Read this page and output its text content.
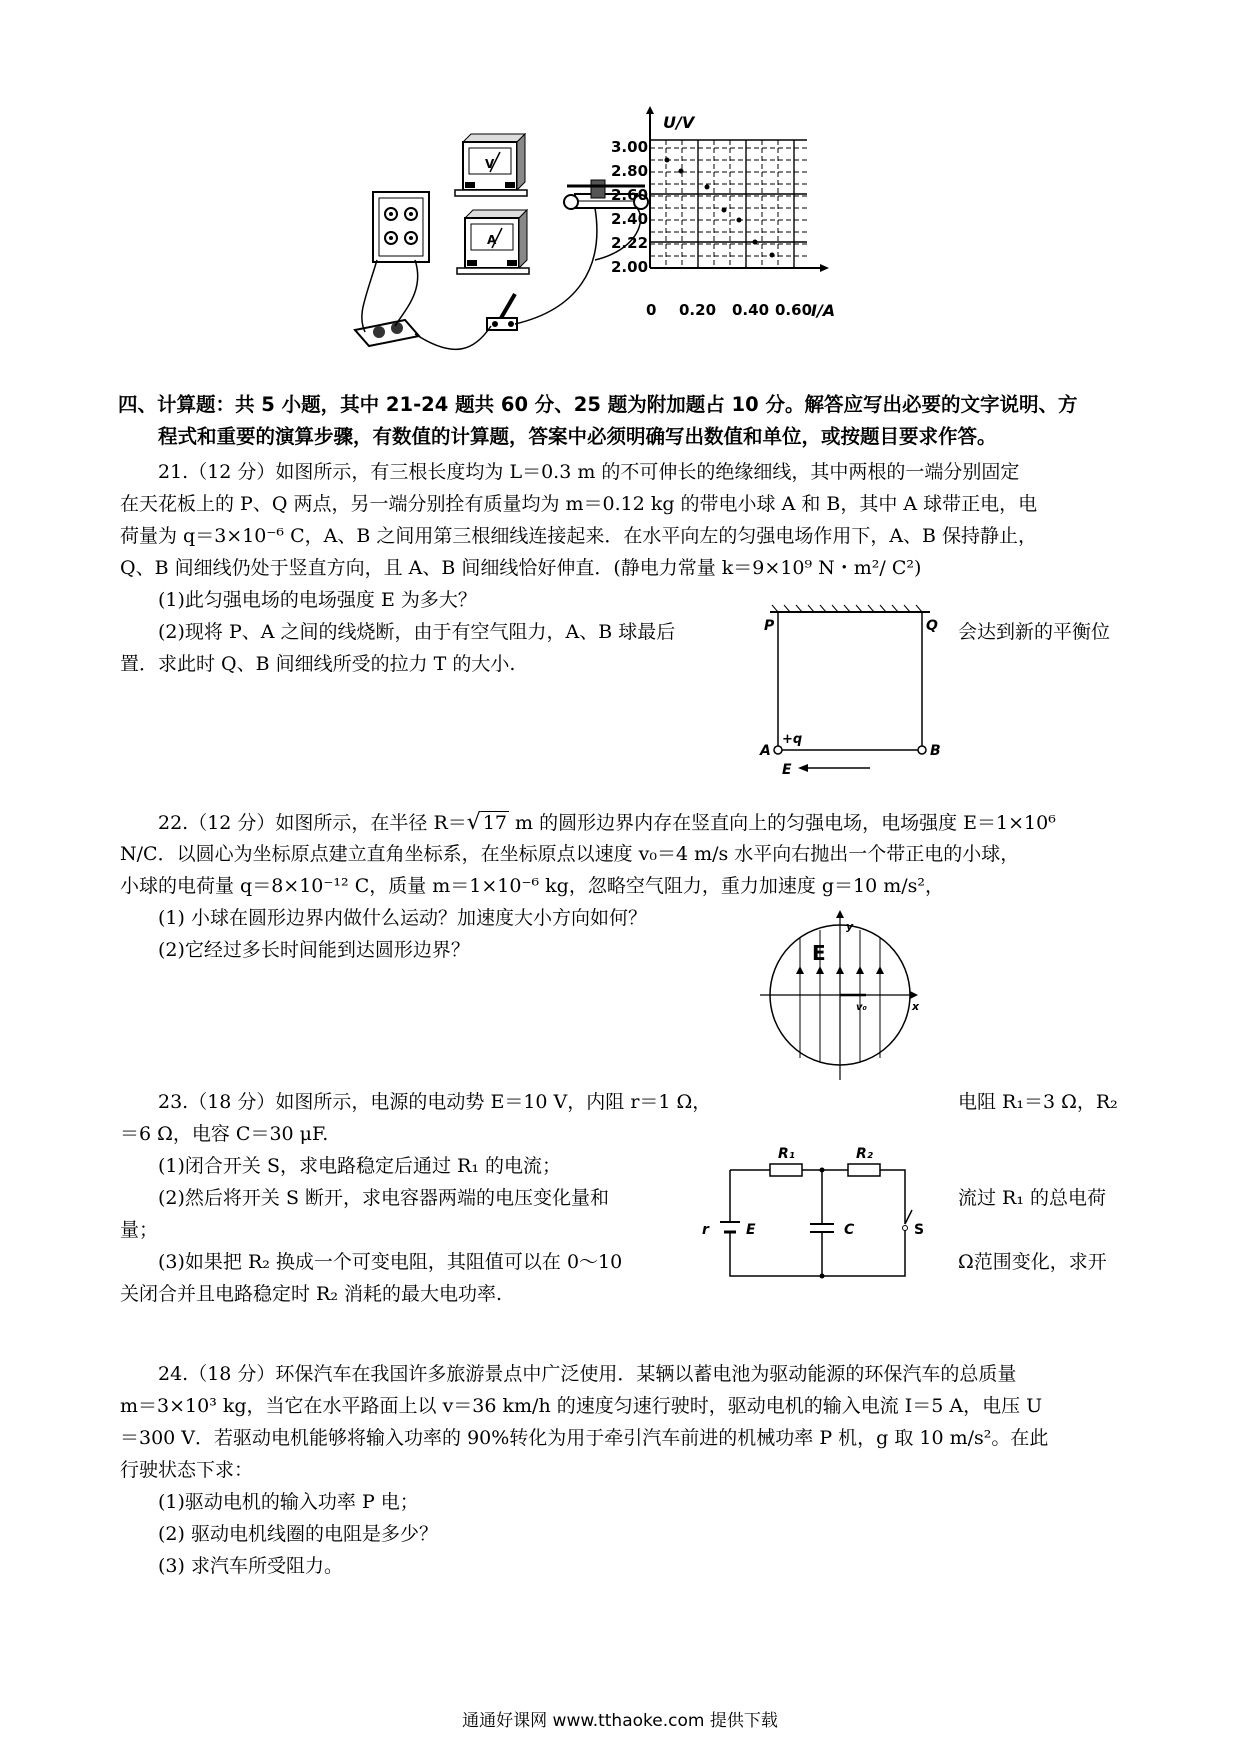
V
A
U/V
3.00
2.80
2.60
2.40
2.22
2.00
0 0.20 0.40 0.60
I/A
四、计算题：共 5 小题，其中 21-24 题共 60 分、25 题为附加题占 10 分。解答应写出必要的文字说明、方
程式和重要的演算步骤，有数值的计算题，答案中必须明确写出数值和单位，或按题目要求作答。
21.（12 分）如图所示，有三根长度均为 L＝0.3 m 的不可伸长的绝缘细线，其中两根的一端分别固定
在天花板上的 P、Q 两点，另一端分别拴有质量均为 m＝0.12 kg 的带电小球 A 和 B，其中 A 球带正电，电
荷量为 q＝3×10⁻⁶ C，A、B 之间用第三根细线连接起来．在水平向左的匀强电场作用下，A、B 保持静止，
Q、B 间细线仍处于竖直方向，且 A、B 间细线恰好伸直．(静电力常量 k＝9×10⁹ N・m²/ C²)
(1)此匀强电场的电场强度 E 为多大？
(2)现将 P、A 之间的线烧断，由于有空气阻力，A、B 球最后	会达到新的平衡位
置．求此时 Q、B 间细线所受的拉力 T 的大小.
P	Q
A	B
+q
E
22.（12 分）如图所示，在半径 R＝√ 17 m 的圆形边界内存在竖直向上的匀强电场，电场强度 E＝1×10⁶
N/C．以圆心为坐标原点建立直角坐标系，在坐标原点以速度 v₀＝4 m/s 水平向右抛出一个带正电的小球，
小球的电荷量 q＝8×10⁻¹² C，质量 m＝1×10⁻⁶ kg，忽略空气阻力，重力加速度 g＝10 m/s²，
(1) 小球在圆形边界内做什么运动？加速度大小方向如何？
(2)它经过多长时间能到达圆形边界？	E
y
x
v₀
23.（18 分）如图所示，电源的电动势 E＝10 V，内阻 r＝1 Ω，	电阻 R₁＝3 Ω，R₂
＝6 Ω，电容 C＝30 μF.
(1)闭合开关 S，求电路稳定后通过 R₁ 的电流；
(2)然后将开关 S 断开，求电容器两端的电压变化量和	流过 R₁ 的总电荷
量；
(3)如果把 R₂ 换成一个可变电阻，其阻值可以在 0～10	Ω范围变化，求开
关闭合并且电路稳定时 R₂ 消耗的最大电功率.
R₁	R₂
r	E	C	S
24.（18 分）环保汽车在我国许多旅游景点中广泛使用．某辆以蓄电池为驱动能源的环保汽车的总质量
m＝3×10³ kg，当它在水平路面上以 v＝36 km/h 的速度匀速行驶时，驱动电机的输入电流 I＝5 A，电压 U
＝300 V．若驱动电机能够将输入功率的 90%转化为用于牵引汽车前进的机械功率 P 机，g 取 10 m/s²。在此
行驶状态下求：
(1)驱动电机的输入功率 P 电；
(2) 驱动电机线圈的电阻是多少？
(3) 求汽车所受阻力。
通通好课网 www.tthaoke.com 提供下载
